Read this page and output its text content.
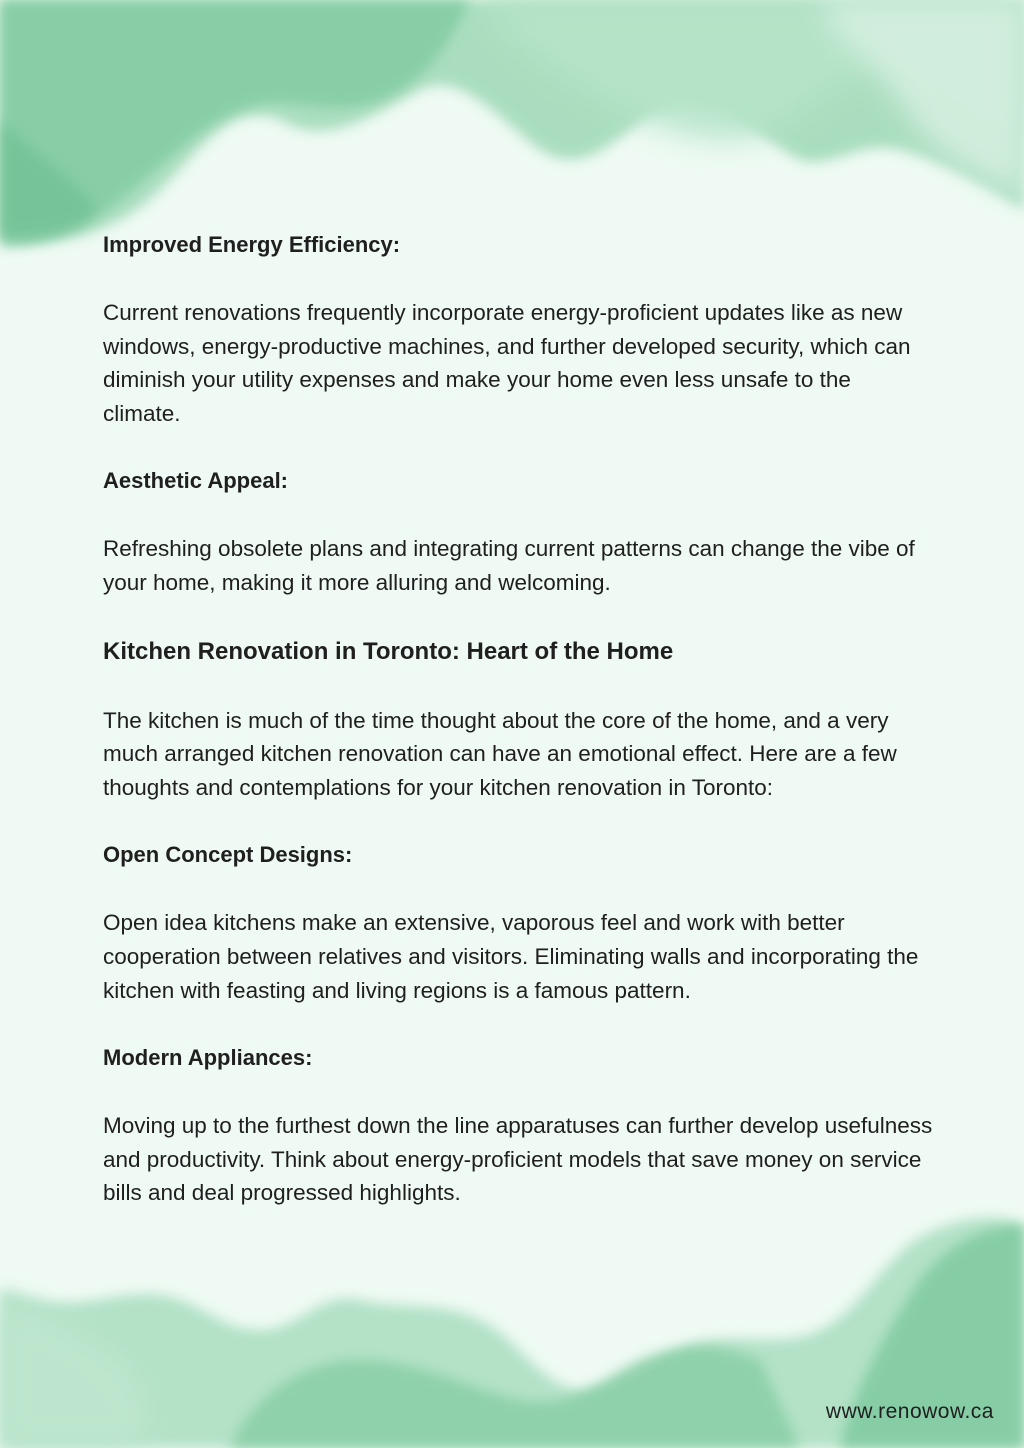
Improved Energy Efficiency:

Current renovations frequently incorporate energy-proficient updates like as new windows, energy-productive machines, and further developed security, which can diminish your utility expenses and make your home even less unsafe to the climate.

Aesthetic Appeal:

Refreshing obsolete plans and integrating current patterns can change the vibe of your home, making it more alluring and welcoming.

Kitchen Renovation in Toronto: Heart of the Home

The kitchen is much of the time thought about the core of the home, and a very much arranged kitchen renovation can have an emotional effect. Here are a few thoughts and contemplations for your kitchen renovation in Toronto:

Open Concept Designs:

Open idea kitchens make an extensive, vaporous feel and work with better cooperation between relatives and visitors. Eliminating walls and incorporating the kitchen with feasting and living regions is a famous pattern.

Modern Appliances:

Moving up to the furthest down the line apparatuses can further develop usefulness and productivity. Think about energy-proficient models that save money on service bills and deal progressed highlights.

www.renowow.ca
